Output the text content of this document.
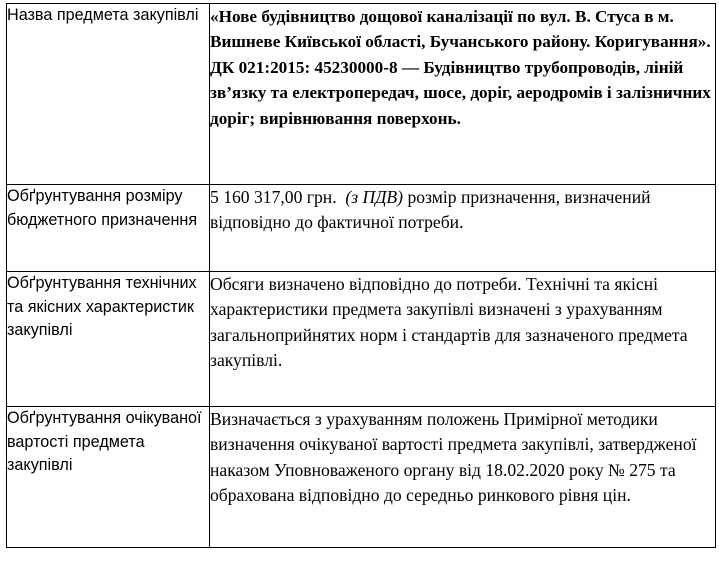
Назва предмета закупівлі	«Нове будівництво дощової каналізації по вул. В. Стуса в м. Вишневе Київської області, Бучанського району. Коригування». ДК 021:2015: 45230000-8 — Будівництво трубопроводів, ліній зв’язку та електропередач, шосе, доріг, аеродромів і залізничних доріг; вирівнювання поверхонь.

Обґрунтування розміру бюджетного призначення	5 160 317,00 грн. (з ПДВ) розмір призначення, визначений відповідно до фактичної потреби.

Обґрунтування технічних та якісних характеристик закупівлі	Обсяги визначено відповідно до потреби. Технічні та якісні характеристики предмета закупівлі визначені з урахуванням загальноприйнятих норм і стандартів для зазначеного предмета закупівлі.

Обґрунтування очікуваної вартості предмета закупівлі	Визначається з урахуванням положень Примірної методики визначення очікуваної вартості предмета закупівлі, затвердженої наказом Уповноваженого органу від 18.02.2020 року № 275 та обрахована відповідно до середньо ринкового рівня цін.
